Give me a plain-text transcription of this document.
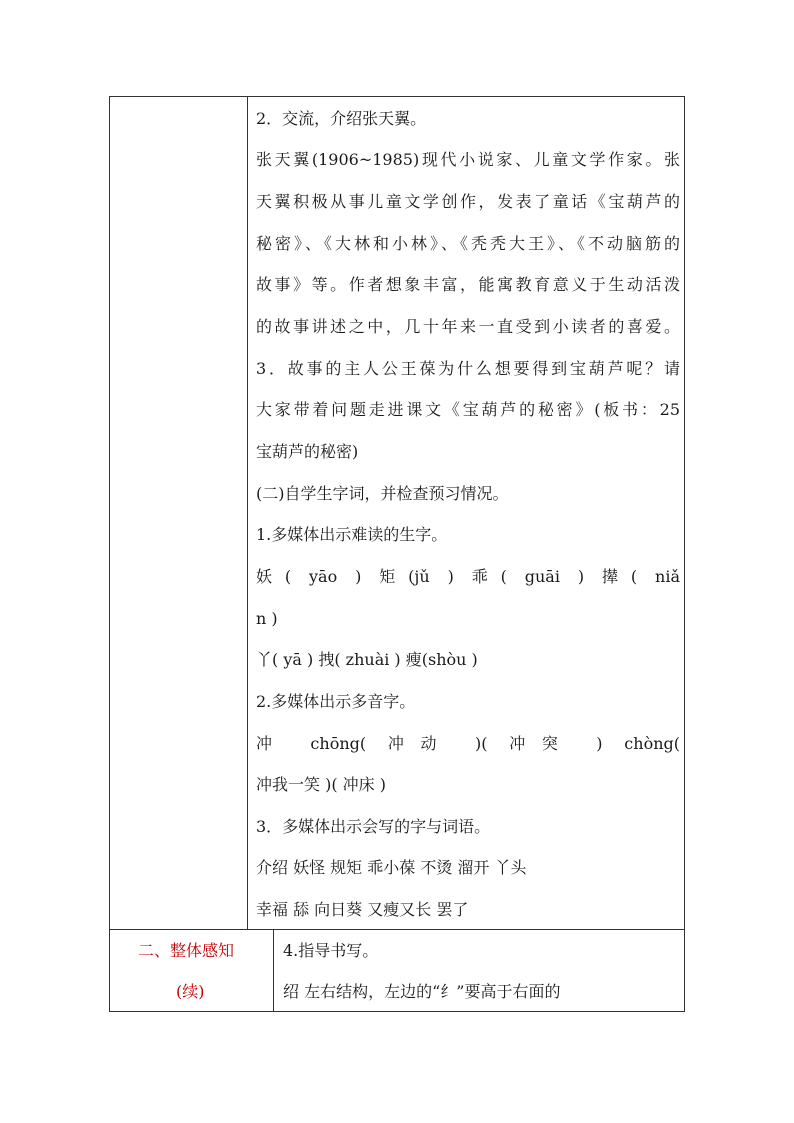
2．交流，介绍张天翼。
张天翼(1906~1985)现代小说家、儿童文学作家。张
天翼积极从事儿童文学创作，发表了童话《宝葫芦的
秘密》、《大林和小林》、《秃秃大王》、《不动脑筋的
故事》等。作者想象丰富，能寓教育意义于生动活泼
的故事讲述之中，几十年来一直受到小读者的喜爱。
3．故事的主人公王葆为什么想要得到宝葫芦呢？请
大家带着问题走进课文《宝葫芦的秘密》(板书：25
宝葫芦的秘密)
(二)自学生字词，并检查预习情况。
1.多媒体出示难读的生字。
妖( yāo ) 矩(jǔ ) 乖( guāi ) 撵( niǎ
n )
丫( yā ) 拽( zhuài ) 瘦(shòu )
2.多媒体出示多音字。
冲 chōng( 冲动 )( 冲突 ) chòng(
冲我一笑 )( 冲床 )
3．多媒体出示会写的字与词语。
介绍 妖怪 规矩 乖小葆 不烫 溜开 丫头
幸福 舔 向日葵 又瘦又长 罢了
二、整体感知
(续)
4.指导书写。
绍 左右结构，左边的“纟”要高于右面的
